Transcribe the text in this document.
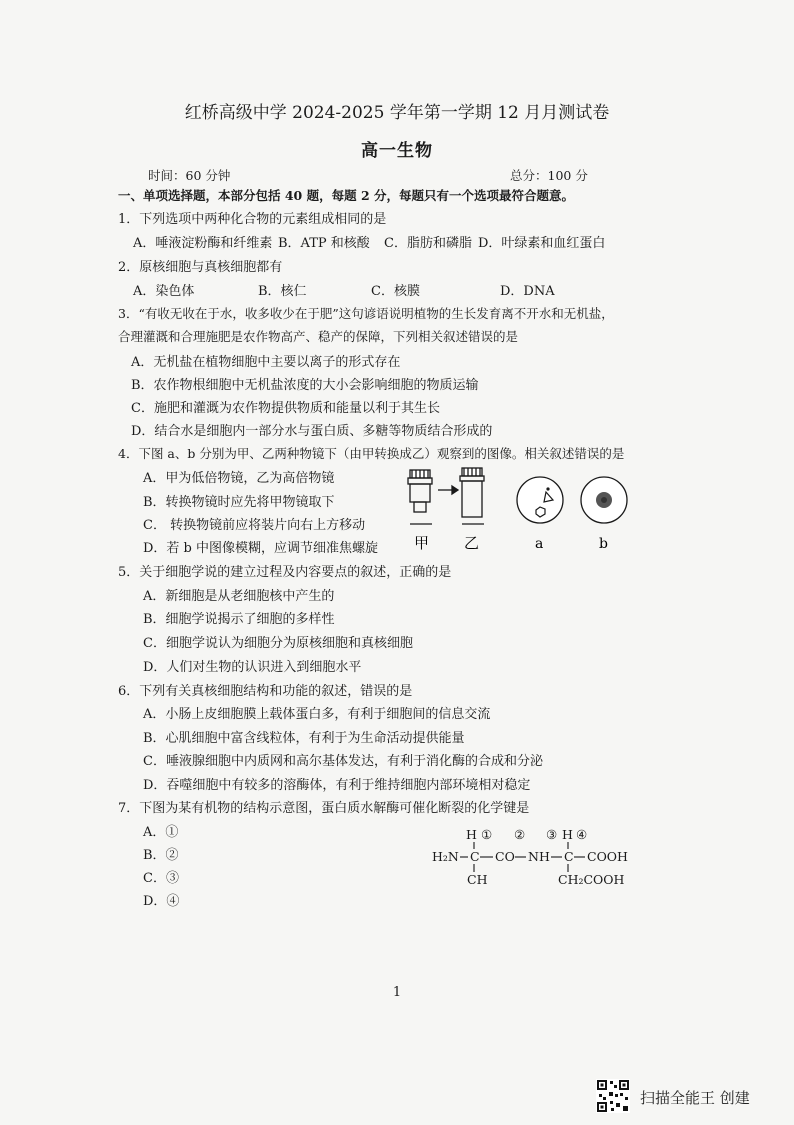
红桥高级中学 2024-2025 学年第一学期 12 月月测试卷
高一生物
时间：60 分钟	总分：100 分
一、单项选择题，本部分包括 40 题，每题 2 分，每题只有一个选项最符合题意。
1．下列选项中两种化合物的元素组成相同的是
A．唾液淀粉酶和纤维素 B．ATP 和核酸 C．脂肪和磷脂 D．叶绿素和血红蛋白
2．原核细胞与真核细胞都有
A．染色体	B．核仁	C．核膜	D．DNA
3．“有收无收在于水，收多收少在于肥”这句谚语说明植物的生长发育离不开水和无机盐，
合理灌溉和合理施肥是农作物高产、稳产的保障，下列相关叙述错误的是
A．无机盐在植物细胞中主要以离子的形式存在
B．农作物根细胞中无机盐浓度的大小会影响细胞的物质运输
C．施肥和灌溉为农作物提供物质和能量以利于其生长
D．结合水是细胞内一部分水与蛋白质、多糖等物质结合形成的
4．下图 a、b 分别为甲、乙两种物镜下（由甲转换成乙）观察到的图像。相关叙述错误的是
A．甲为低倍物镜，乙为高倍物镜
B．转换物镜时应先将甲物镜取下
C． 转换物镜前应将装片向右上方移动
D．若 b 中图像模糊，应调节细准焦螺旋 甲 乙	a	b
5．关于细胞学说的建立过程及内容要点的叙述，正确的是
A．新细胞是从老细胞核中产生的
B．细胞学说揭示了细胞的多样性
C．细胞学说认为细胞分为原核细胞和真核细胞
D．人们对生物的认识进入到细胞水平
6．下列有关真核细胞结构和功能的叙述，错误的是
A．小肠上皮细胞膜上载体蛋白多，有利于细胞间的信息交流
B．心肌细胞中富含线粒体，有利于为生命活动提供能量
C．唾液腺细胞中内质网和高尔基体发达，有利于消化酶的合成和分泌
D．吞噬细胞中有较多的溶酶体，有利于维持细胞内部环境相对稳定
7．下图为某有机物的结构示意图，蛋白质水解酶可催化断裂的化学键是
A．①
B．②
C．③
D．④
H ① ② ③ H ④
H₂N C CO NH C COOH
CH	CH₂COOH
1
扫描全能王 创建
